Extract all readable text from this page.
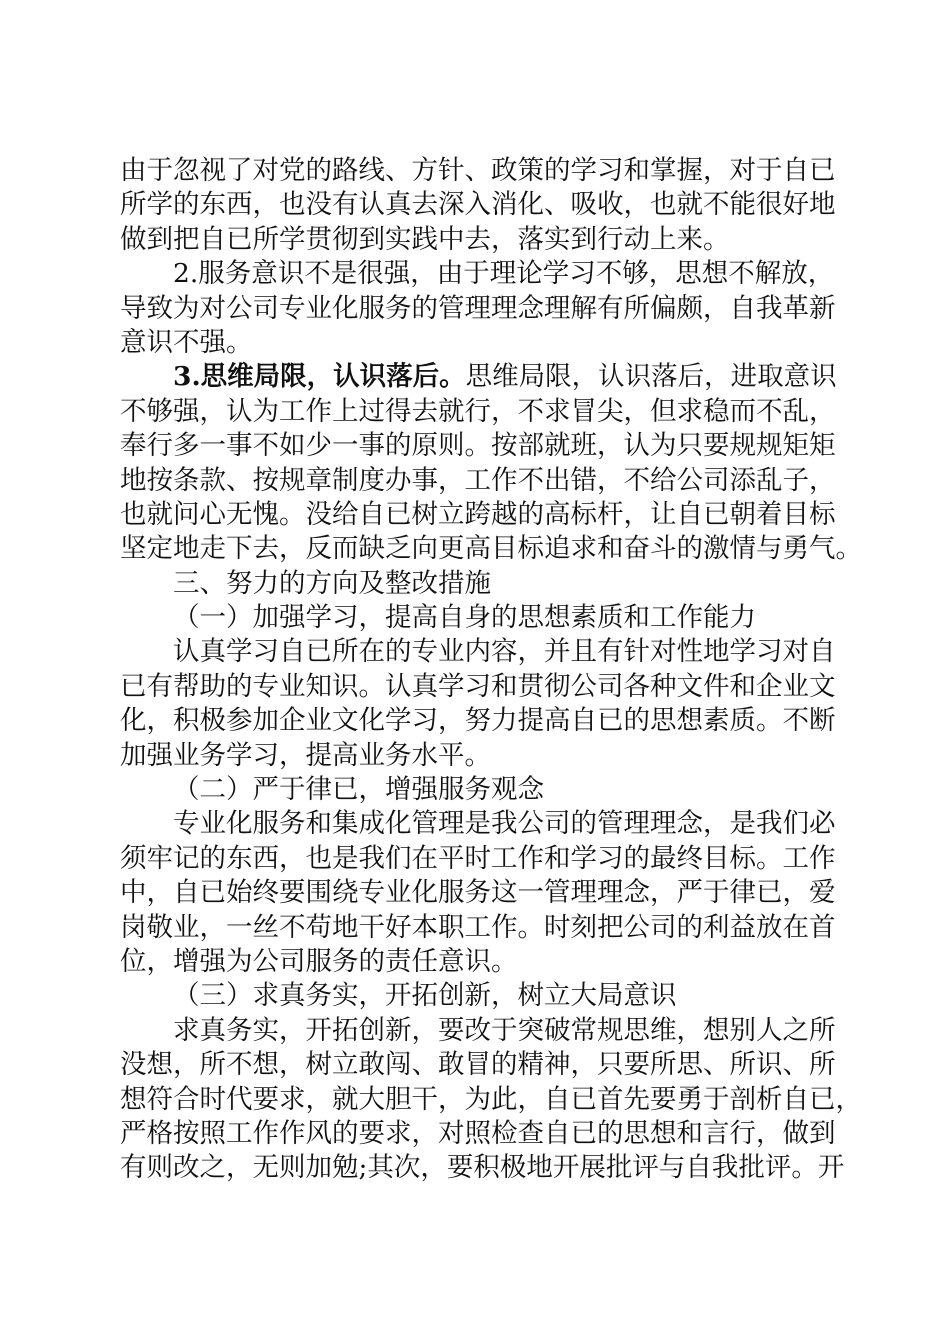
由于忽视了对党的路线、方针、政策的学习和掌握，对于自已
所学的东西，也没有认真去深入消化、吸收，也就不能很好地
做到把自已所学贯彻到实践中去，落实到行动上来。
2.服务意识不是很强，由于理论学习不够，思想不解放，
导致为对公司专业化服务的管理理念理解有所偏颇，自我革新
意识不强。
3.思维局限，认识落后。思维局限，认识落后，进取意识
不够强，认为工作上过得去就行，不求冒尖，但求稳而不乱，
奉行多一事不如少一事的原则。按部就班，认为只要规规矩矩
地按条款、按规章制度办事，工作不出错，不给公司添乱子，
也就问心无愧。没给自已树立跨越的高标杆，让自已朝着目标
坚定地走下去，反而缺乏向更高目标追求和奋斗的激情与勇气。
三、努力的方向及整改措施
（一）加强学习，提高自身的思想素质和工作能力
认真学习自已所在的专业内容，并且有针对性地学习对自
已有帮助的专业知识。认真学习和贯彻公司各种文件和企业文
化，积极参加企业文化学习，努力提高自已的思想素质。不断
加强业务学习，提高业务水平。
（二）严于律已，增强服务观念
专业化服务和集成化管理是我公司的管理理念，是我们必
须牢记的东西，也是我们在平时工作和学习的最终目标。工作
中，自已始终要围绕专业化服务这一管理理念，严于律已，爱
岗敬业，一丝不苟地干好本职工作。时刻把公司的利益放在首
位，增强为公司服务的责任意识。
（三）求真务实，开拓创新，树立大局意识
求真务实，开拓创新，要改于突破常规思维，想别人之所
没想，所不想，树立敢闯、敢冒的精神，只要所思、所识、所
想符合时代要求，就大胆干，为此，自已首先要勇于剖析自已，
严格按照工作作风的要求，对照检查自已的思想和言行，做到
有则改之，无则加勉;其次，要积极地开展批评与自我批评。开
